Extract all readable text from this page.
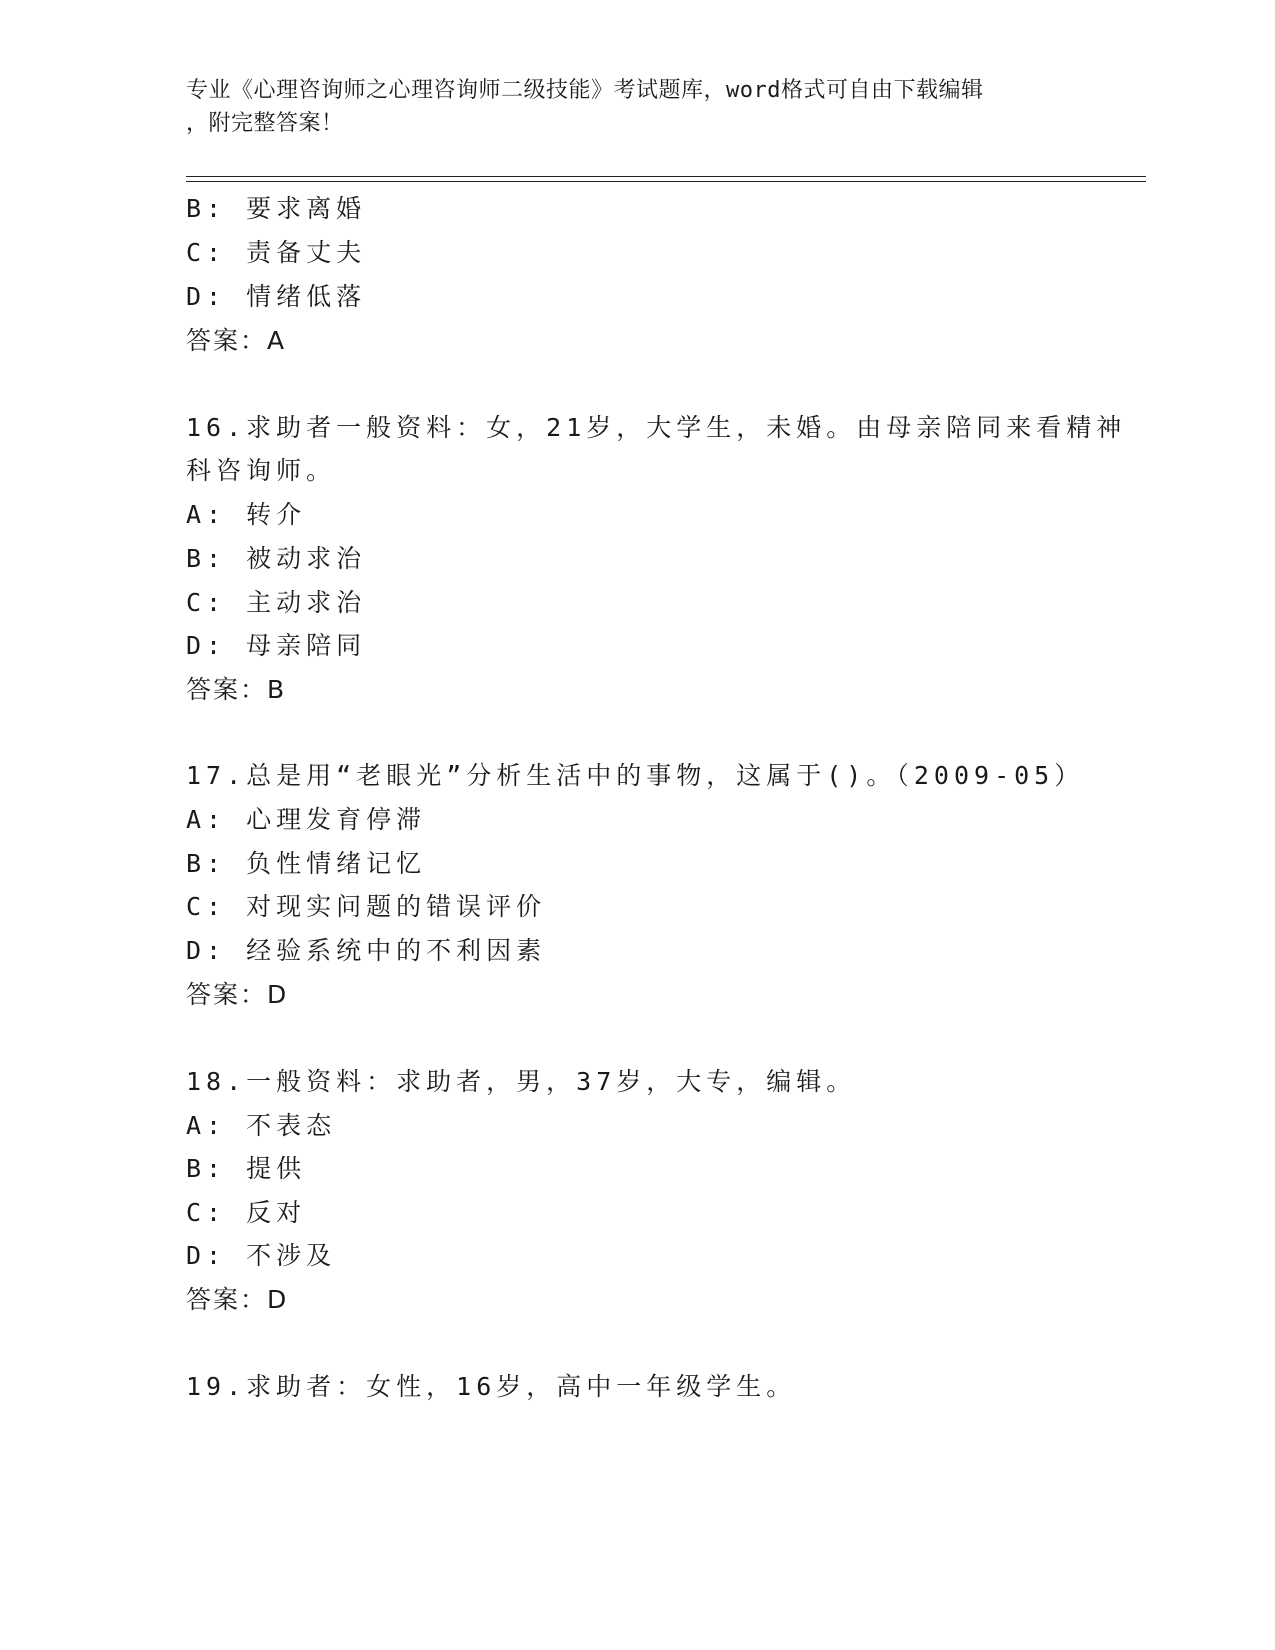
专业《心理咨询师之心理咨询师二级技能》考试题库，word格式可自由下载编辑
，附完整答案！
B: 要求离婚
C: 责备丈夫
D: 情绪低落
答案：A
16.求助者一般资料：女，21岁，大学生，未婚。由母亲陪同来看精神
科咨询师。
A: 转介
B: 被动求治
C: 主动求治
D: 母亲陪同
答案：B
17.总是用“老眼光”分析生活中的事物，这属于()。（2009-05）
A: 心理发育停滞
B: 负性情绪记忆
C: 对现实问题的错误评价
D: 经验系统中的不利因素
答案：D
18.一般资料：求助者，男，37岁，大专，编辑。
A: 不表态
B: 提供
C: 反对
D: 不涉及
答案：D
19.求助者：女性，16岁，高中一年级学生。
